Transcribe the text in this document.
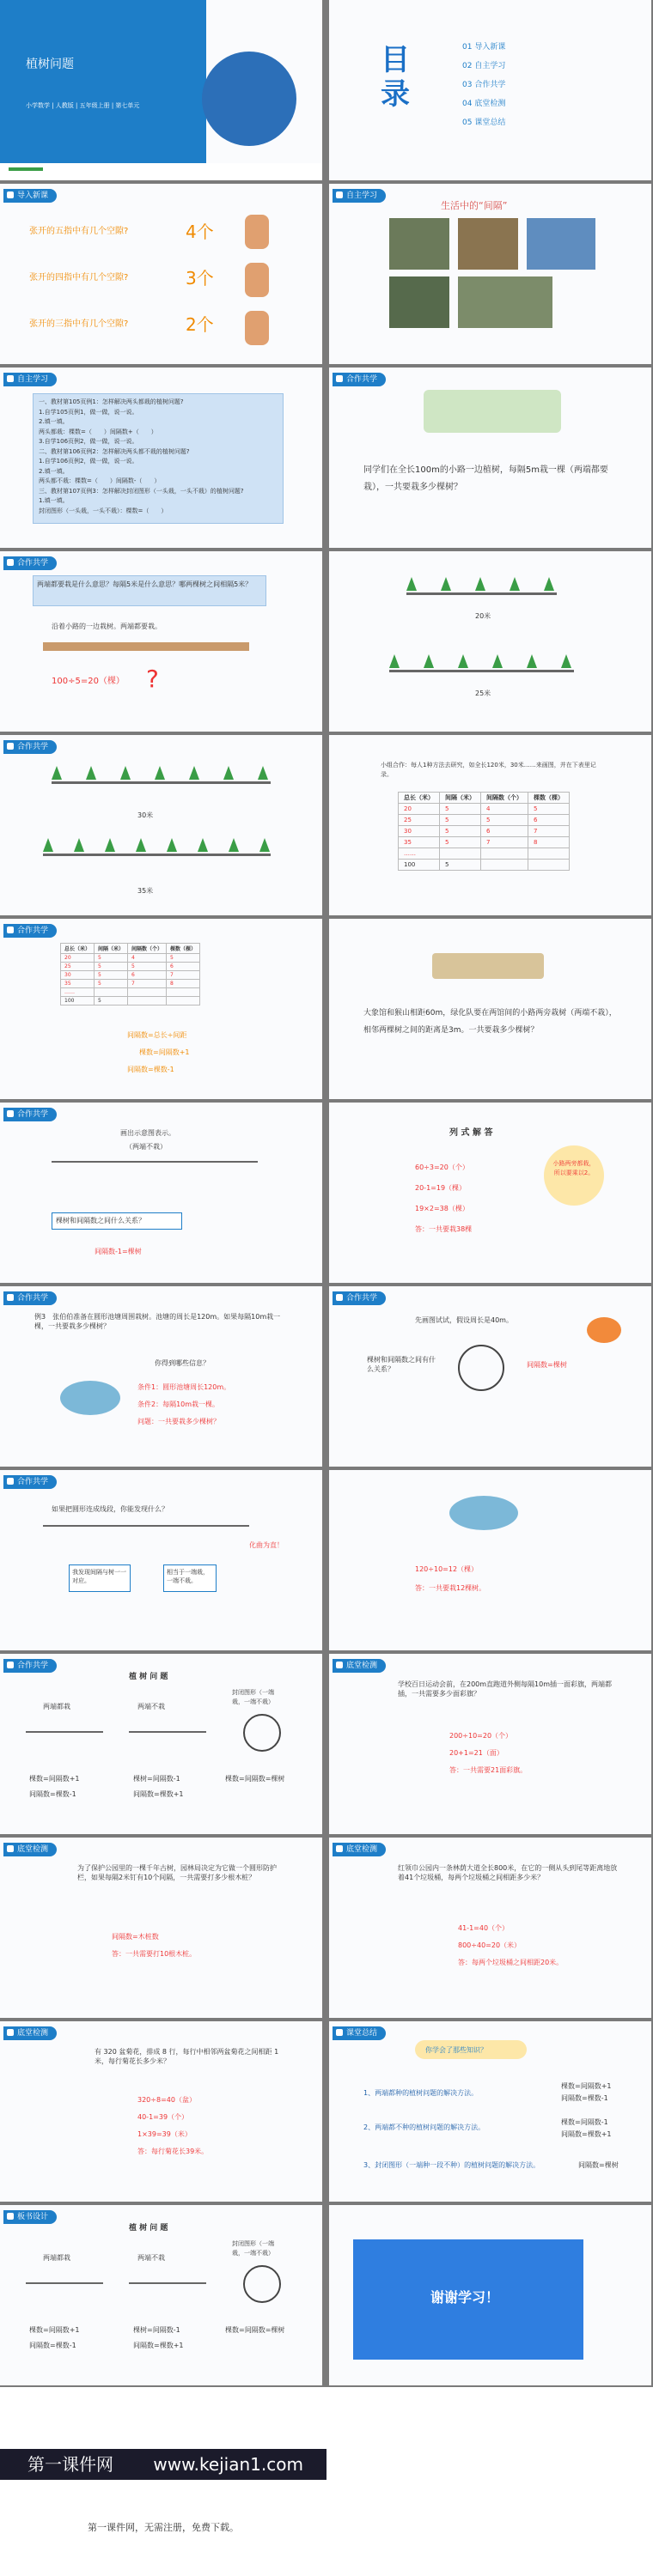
植树问题
小学数学 | 人教版 | 五年级上册 | 第七单元
目录
01 导入新课
02 自主学习
03 合作共学
04 底堂检测
05 课堂总结
导入新课
张开的五指中有几个空隙?	4个
张开的四指中有几个空隙?	3个
张开的三指中有几个空隙?	2个
自主学习
生活中的“间隔”
自主学习
一、教材第105页例1：怎样解决两头都栽的植树问题?
1.自学105页例1，做一做，说一说。
2.填一填。
两头都栽：棵数=（　　）间隔数+（　　）
3.自学106页例2，做一做，说一说。
二、教材第106页例2：怎样解决两头都不栽的植树问题?
1.自学106页例2，做一做，说一说。
2.填一填。
两头都不栽：棵数=（　　）间隔数-（　　）
三、教材第107页例3：怎样解决封闭图形（一头栽，一头不栽）的植树问题?
1.填一填。
封闭图形（一头栽，一头不栽）：棵数=（　　）
合作共学
同学们在全长100m的小路一边植树，每隔5m栽一棵（两端都要栽），一共要栽多少棵树？
合作共学
两端都要栽是什么意思？每隔5米是什么意思？哪两棵树之间相隔5米？
沿着小路的一边栽树。两端都要栽。
100÷5=20（棵） ?
20米
25米
合作共学
30米
35米
小组合作：每人1种方法去研究，如全长120米，30米……来画图，并在下表里记录。
总长（米）	间隔（米）	间隔数（个）	棵数（棵）
20	5	4	5
25	5	5	6
30	5	6	7
35	5	7	8
……			
100	5		
合作共学
总长（米）	间隔（米）	间隔数（个）	棵数（棵）
20	5	4	5
25	5	5	6
30	5	6	7
35	5	7	8
……			
100	5		
间隔数=总长÷间距
棵数=间隔数+1
间隔数=棵数-1
大象馆和猴山相距60m，绿化队要在两馆间的小路两旁栽树（两端不栽），相邻两棵树之间的距离是3m。一共要栽多少棵树？
合作共学
画出示意图表示。
（两端不栽）
棵树和间隔数之间什么关系？
间隔数-1=棵树
列 式 解 答
60÷3=20（个）
20-1=19（棵）
19×2=38（棵）
答：一共要栽38棵
小路两旁都栽，所以要乘以2。
合作共学
例3　张伯伯准备在圆形池塘周围栽树。池塘的周长是120m。如果每隔10m栽一棵，一共要栽多少棵树？
你得到哪些信息？
条件1：圆形池塘周长120m。
条件2：每隔10m栽一棵。
问题：一共要栽多少棵树？
合作共学
先画图试试，假设周长是40m。
棵树和间隔数之间有什么关系？
间隔数=棵树
合作共学
如果把圆形连成线段，你能发现什么？
化曲为直！
我发现间隔与树一一对应。
相当于一端栽，一端不栽。
120÷10=12（棵）
答：一共要栽12棵树。
合作共学
植 树 问 题
两端都栽	两端不栽
封闭图形（一端栽，一端不栽）
棵数=间隔数+1
间隔数=棵数-1
棵树=间隔数-1
间隔数=棵数+1
棵数=间隔数=棵树
底堂检测
学校百日运动会前，在200m直跑道外侧每隔10m插一面彩旗，两端都插，一共需要多少面彩旗？
200÷10=20（个）
20+1=21（面）
答：一共需要21面彩旗。
底堂检测
为了保护公园里的一棵千年古树，园林局决定为它做一个圆形防护栏，如果每隔2米钉有10个间隔，一共需要打多少根木桩？
间隔数=木桩数
答：一共需要打10根木桩。
底堂检测
红领巾公园内一条林荫大道全长800米，在它的一侧从头到尾等距离地放着41个垃圾桶，每两个垃圾桶之间相距多少米？
41-1=40（个）
800÷40=20（米）
答：每两个垃圾桶之间相距20米。
底堂检测
有 320 盆菊花，排成 8 行，每行中相邻两盆菊花之间相距 1 米，每行菊花长多少米？
320÷8=40（盆）
40-1=39（个）
1×39=39（米）
答：每行菊花长39米。
课堂总结
你学会了那些知识？
1、两端都种的植树问题的解决方法。
2、两端都不种的植树问题的解决方法。
3、封闭图形（一端种一段不种）的植树问题的解决方法。
棵数=间隔数+1
间隔数=棵数-1
棵数=间隔数-1
间隔数=棵数+1
间隔数=棵树
板书设计
植 树 问 题
两端都栽	两端不栽
封闭图形（一端栽，一端不栽）
棵数=间隔数+1
间隔数=棵数-1
棵树=间隔数-1
间隔数=棵数+1
棵数=间隔数=棵树
谢谢学习！
第一课件网 www.kejian1.com
第一课件网，无需注册，免费下载。
